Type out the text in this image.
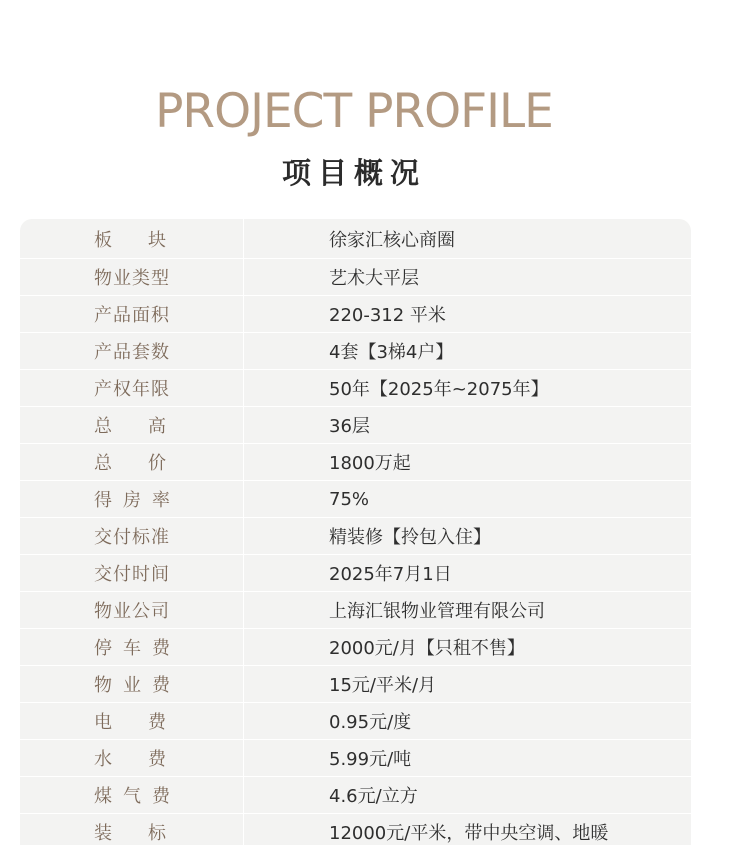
PROJECT PROFILE
项目概况
板块	徐家汇核心商圈
物业类型	艺术大平层
产品面积	220-312 平米
产品套数	4套【3梯4户】
产权年限	50年【2025年~2075年】
总高	36层
总价	1800万起
得房率	75%
交付标准	精装修【拎包入住】
交付时间	2025年7月1日
物业公司	上海汇银物业管理有限公司
停车费	2000元/月【只租不售】
物业费	15元/平米/月
电费	0.95元/度
水费	5.99元/吨
煤气费	4.6元/立方
装标	12000元/平米，带中央空调、地暖
